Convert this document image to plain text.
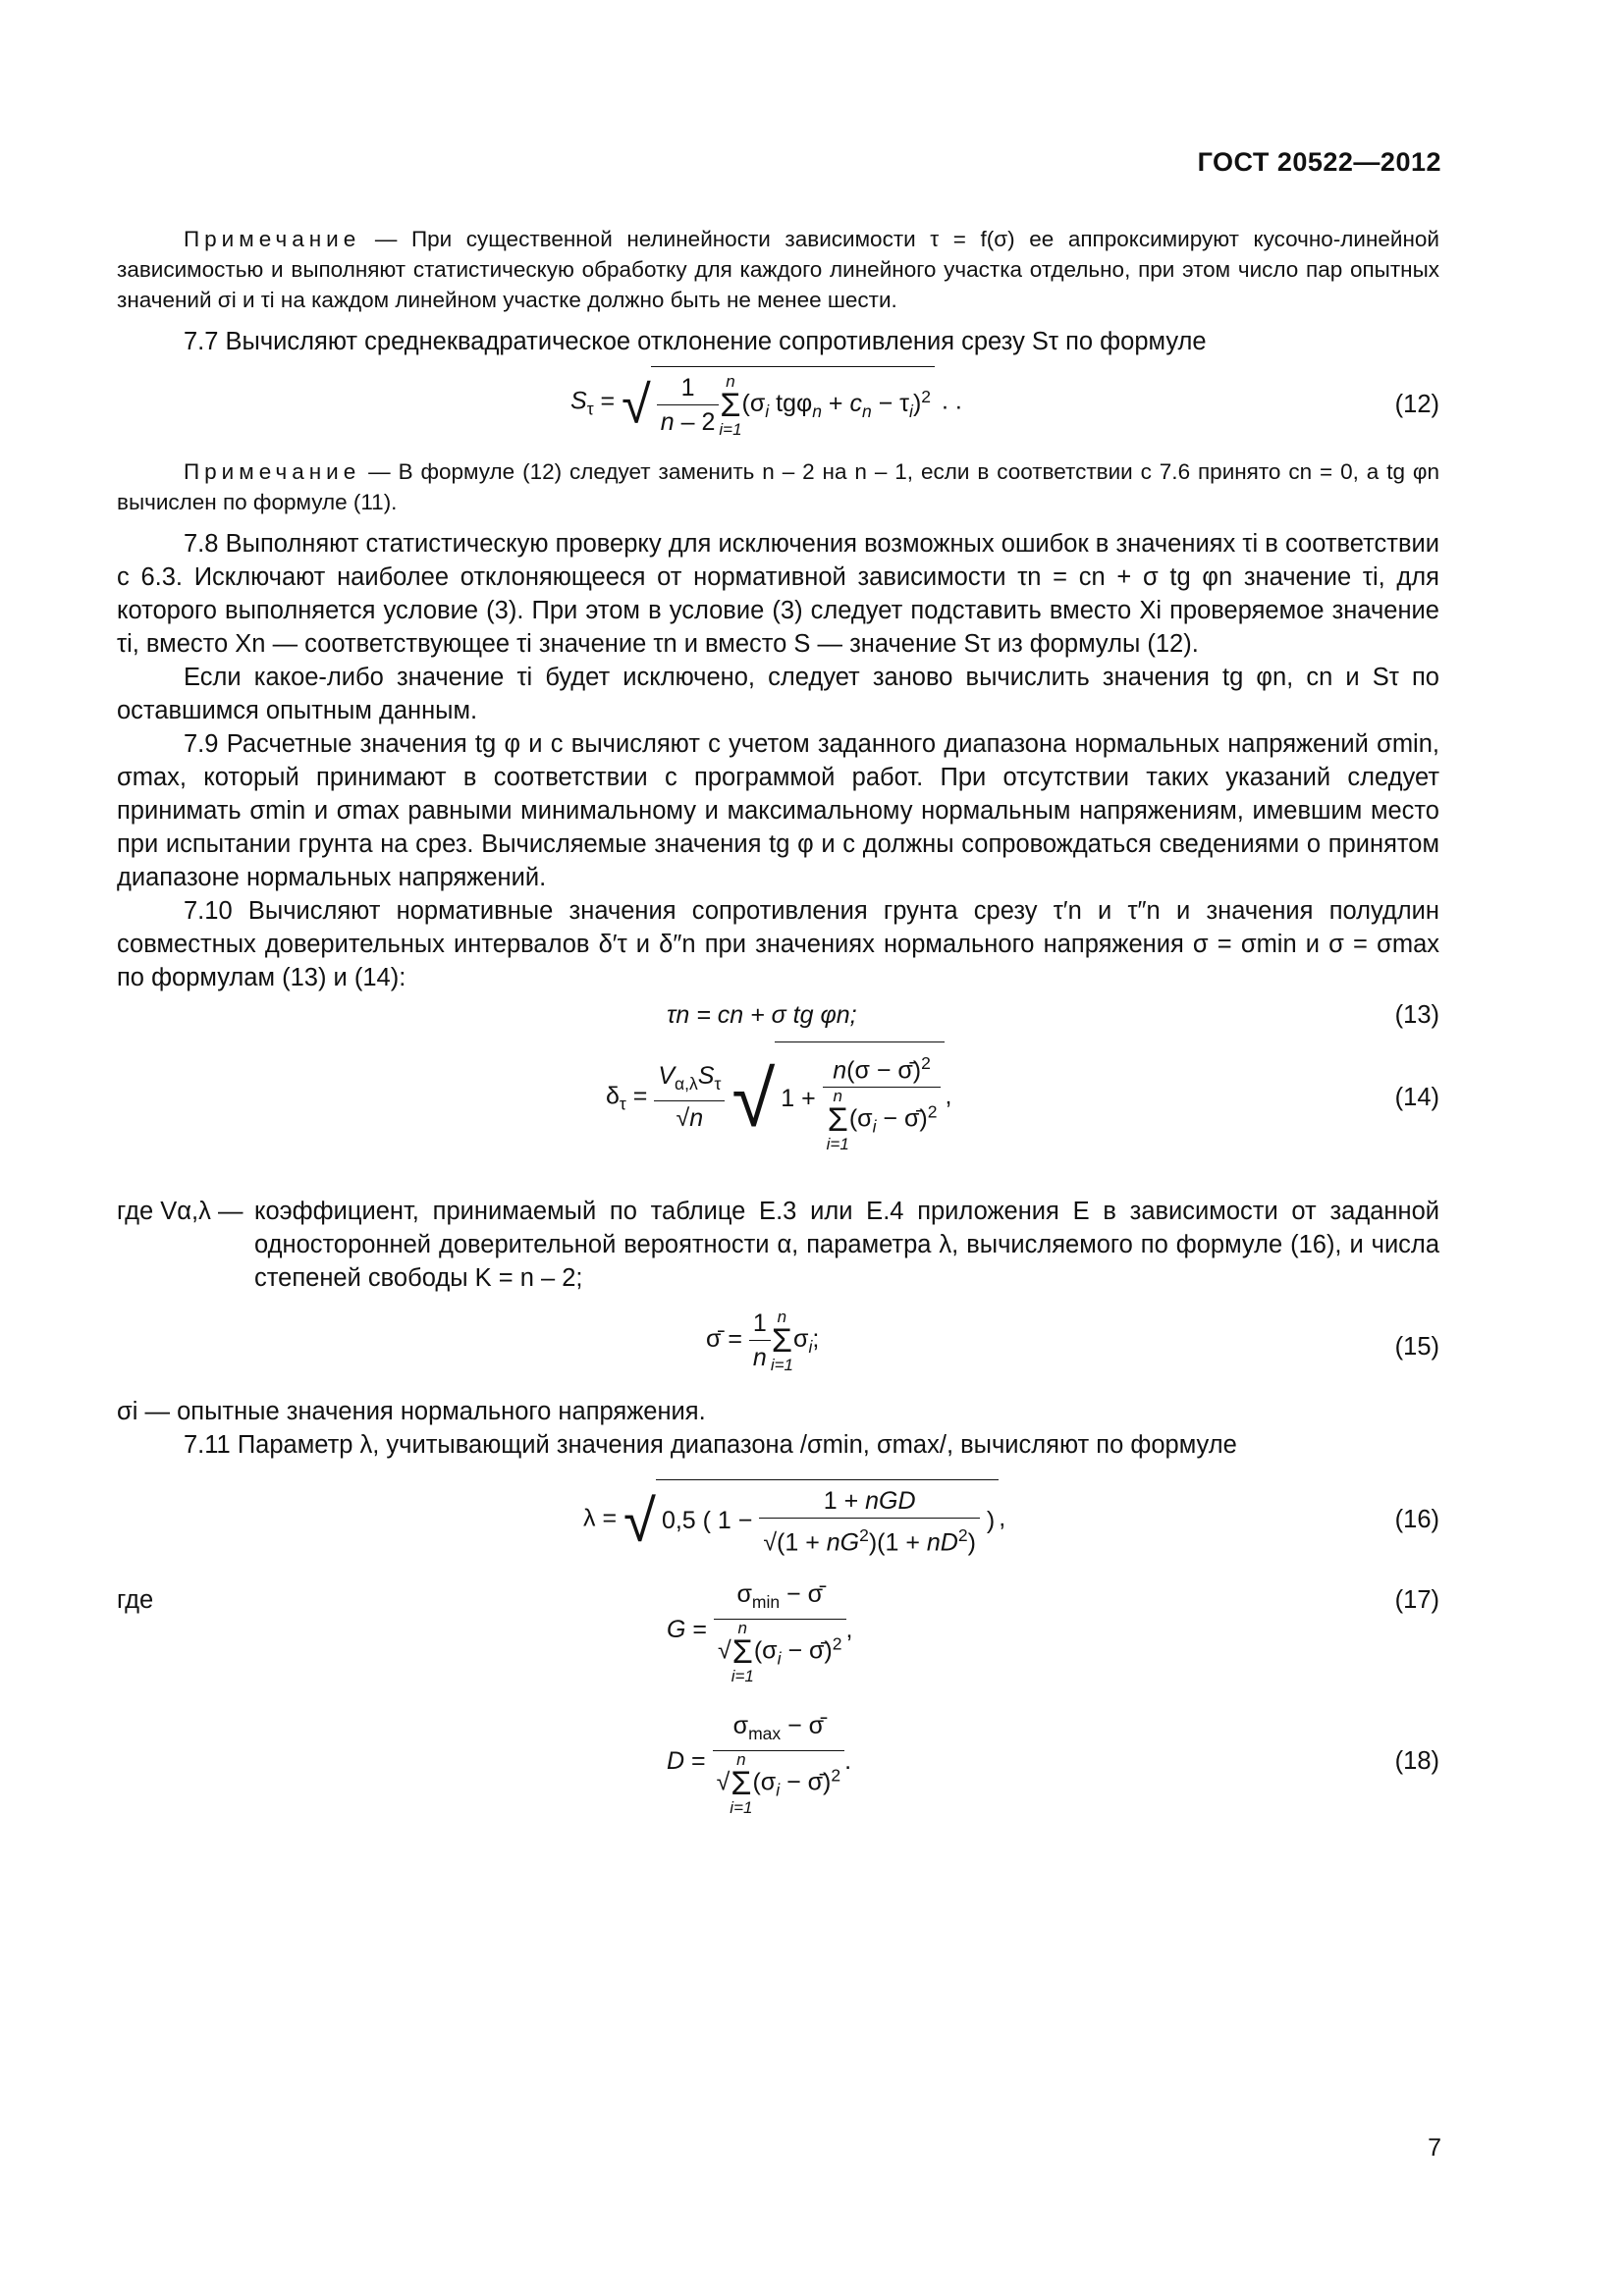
ГОСТ 20522—2012

Примечание — При существенной нелинейности зависимости τ = f(σ) ее аппроксимируют кусочно-линейной зависимостью и выполняют статистическую обработку для каждого линейного участка отдельно, при этом число пар опытных значений σi и τi на каждом линейном участке должно быть не менее шести.

7.7 Вычисляют среднеквадратическое отклонение сопротивления срезу Sτ по формуле

$S_\tau$ = √ $\frac{1}{n - 2}$ n
Σ
i=1
($\sigma_i$ $tg\varphi_n + c_n - \tau_i)^2$ . .	(12)

Примечание — В формуле (12) следует заменить n – 2 на n – 1, если в соответствии с 7.6 принято cn = 0, а tg φn вычислен по формуле (11).

7.8 Выполняют статистическую проверку для исключения возможных ошибок в значениях τi в соответствии с 6.3. Исключают наиболее отклоняющееся от нормативной зависимости τn = cn + σ tg φn значение τi, для которого выполняется условие (3). При этом в условие (3) следует подставить вместо Xi проверяемое значение τi, вместо Xn — соответствующее τi значение τn и вместо S — значение Sτ из формулы (12).

Если какое-либо значение τi будет исключено, следует заново вычислить значения tg φn, cn и Sτ по оставшимся опытным данным.

7.9 Расчетные значения tg φ и c вычисляют с учетом заданного диапазона нормальных напряжений σmin, σmax, который принимают в соответствии с программой работ. При отсутствии таких указаний следует принимать σmin и σmax равными минимальному и максимальному нормальным напряжениям, имевшим место при испытании грунта на срез. Вычисляемые значения tg φ и c должны сопровождаться сведениями о принятом диапазоне нормальных напряжений.

7.10 Вычисляют нормативные значения сопротивления грунта срезу τ′n и τ″n и значения полудлин совместных доверительных интервалов δ′τ и δ″n при значениях нормального напряжения σ = σmin и σ = σmax по формулам (13) и (14):

τn = cn + σ tg φn;	(13)
$\delta_\tau = \frac{V_{\alpha,\lambda}S_\tau}{√n}$ √ 1 + n(σ − σ̄)$^2$
n
Σ
i=1
($\sigma_i$ − σ̄)$^2$ ,	(14)
где Vα,λ — коэффициент, принимаемый по таблице Е.3 или Е.4 приложения Е в зависимости от заданной односторонней доверительной вероятности α, параметра λ, вычисляемого по формуле (16), и числа степеней свободы K = n – 2;
σ̄ = $\frac{1}{n}$ n
Σ
i=1
$\sigma_i$;	(15)

σi — опытные значения нормального напряжения.

7.11 Параметр λ, учитывающий значения диапазона /σmin, σmax/, вычисляют по формуле

λ = √ 0,5 ( $1 - \frac{\text{1 + nGD}}{√(1 + nG^2)(1 + nD^2)}$ ) ,	(16)
где
$G = \sigma_{min}$ − σ̄
√
n
Σ
i=1
($\sigma_i$ − σ̄)$^2$ ,
(17)
$D = \sigma_{max}$ − σ̄
√
n
Σ
i=1
($\sigma_i$ − σ̄)$^2$ .	(18)
7
